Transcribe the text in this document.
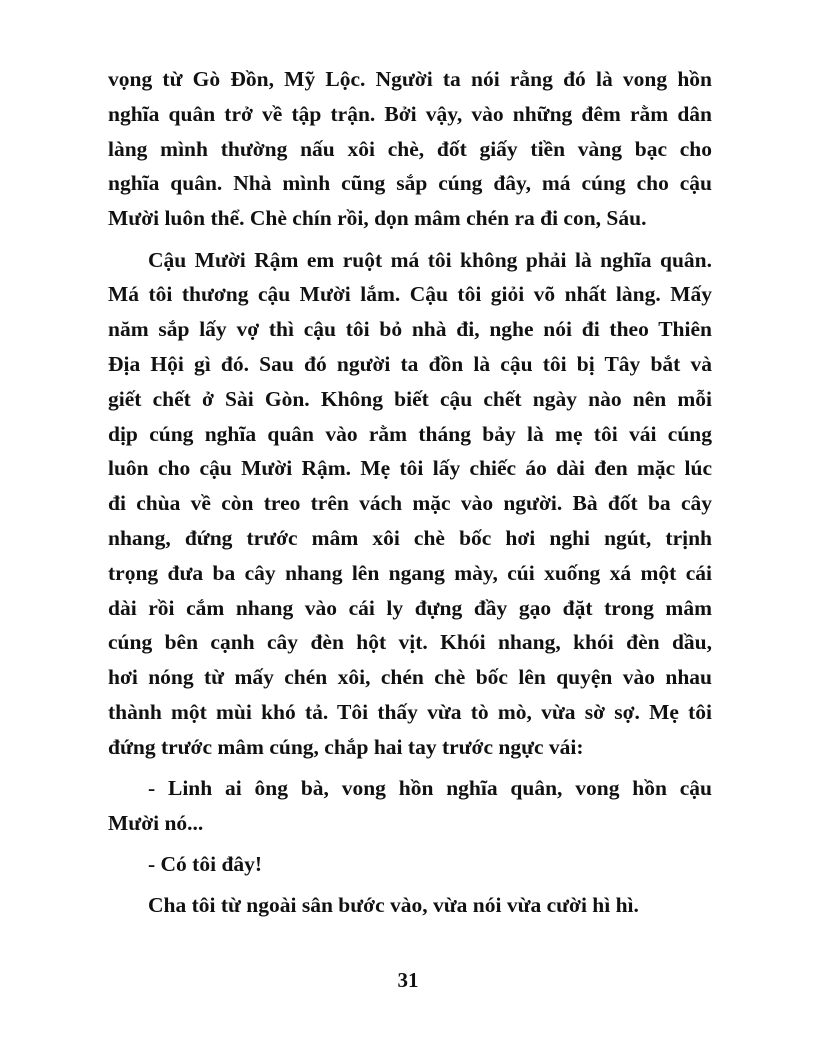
vọng từ Gò Đồn, Mỹ Lộc. Người ta nói rằng đó là vong hồn
nghĩa quân trở về tập trận. Bởi vậy, vào những đêm rằm dân
làng mình thường nấu xôi chè, đốt giấy tiền vàng bạc cho
nghĩa quân. Nhà mình cũng sắp cúng đây, má cúng cho cậu
Mười luôn thể. Chè chín rồi, dọn mâm chén ra đi con, Sáu.
Cậu Mười Rậm em ruột má tôi không phải là nghĩa quân.
Má tôi thương cậu Mười lắm. Cậu tôi giỏi võ nhất làng. Mấy
năm sắp lấy vợ thì cậu tôi bỏ nhà đi, nghe nói đi theo Thiên
Địa Hội gì đó. Sau đó người ta đồn là cậu tôi bị Tây bắt và
giết chết ở Sài Gòn. Không biết cậu chết ngày nào nên mỗi
dịp cúng nghĩa quân vào rằm tháng bảy là mẹ tôi vái cúng
luôn cho cậu Mười Rậm. Mẹ tôi lấy chiếc áo dài đen mặc lúc
đi chùa về còn treo trên vách mặc vào người. Bà đốt ba cây
nhang, đứng trước mâm xôi chè bốc hơi nghi ngút, trịnh
trọng đưa ba cây nhang lên ngang mày, cúi xuống xá một cái
dài rồi cắm nhang vào cái ly đựng đầy gạo đặt trong mâm
cúng bên cạnh cây đèn hột vịt. Khói nhang, khói đèn dầu,
hơi nóng từ mấy chén xôi, chén chè bốc lên quyện vào nhau
thành một mùi khó tả. Tôi thấy vừa tò mò, vừa sờ sợ. Mẹ tôi
đứng trước mâm cúng, chắp hai tay trước ngực vái:
- Linh ai ông bà, vong hồn nghĩa quân, vong hồn cậu
Mười nó...
- Có tôi đây!
Cha tôi từ ngoài sân bước vào, vừa nói vừa cười hì hì.
31
